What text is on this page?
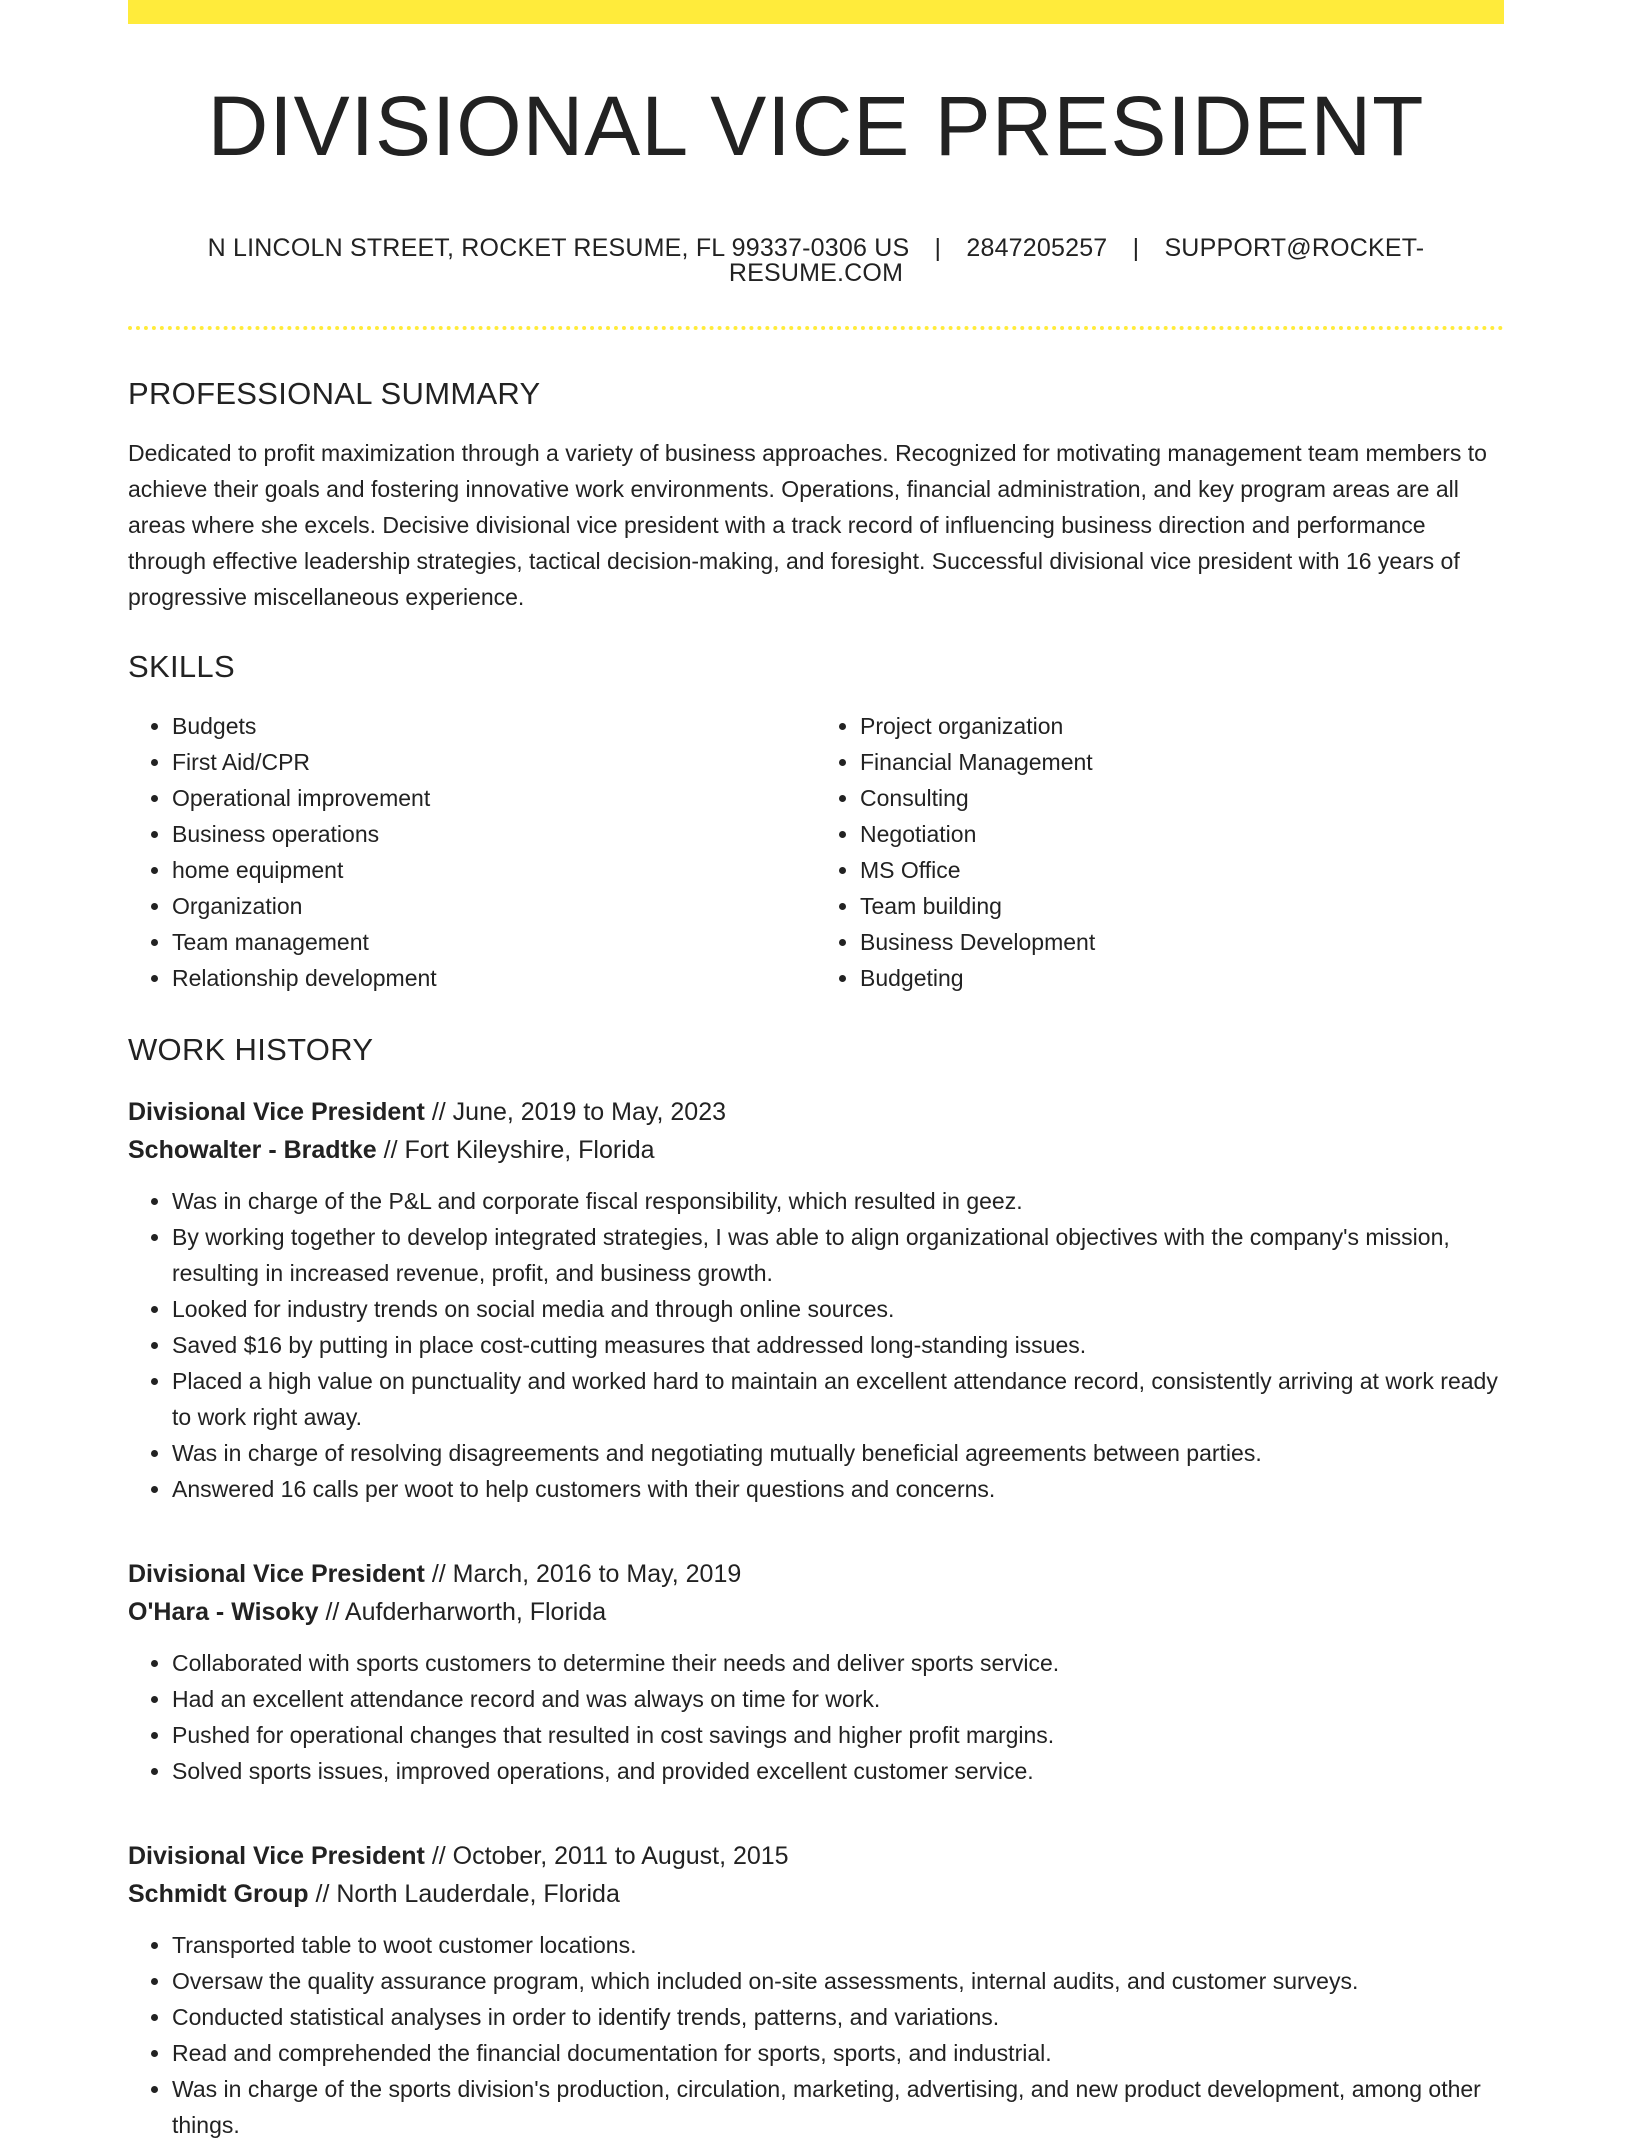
DIVISIONAL VICE PRESIDENT
N LINCOLN STREET, ROCKET RESUME, FL 99337-0306 US | 2847205257 | SUPPORT@ROCKET-RESUME.COM
PROFESSIONAL SUMMARY

Dedicated to profit maximization through a variety of business approaches. Recognized for motivating management team members to achieve their goals and fostering innovative work environments. Operations, financial administration, and key program areas are all areas where she excels. Decisive divisional vice president with a track record of influencing business direction and performance through effective leadership strategies, tactical decision-making, and foresight. Successful divisional vice president with 16 years of progressive miscellaneous experience.

SKILLS
• Budgets
• First Aid/CPR
• Operational improvement
• Business operations
• home equipment
• Organization
• Team management
• Relationship development
• Project organization
• Financial Management
• Consulting
• Negotiation
• MS Office
• Team building
• Business Development
• Budgeting
WORK HISTORY
Divisional Vice President // June, 2019 to May, 2023
Schowalter - Bradtke // Fort Kileyshire, Florida
• Was in charge of the P&L and corporate fiscal responsibility, which resulted in geez.
• By working together to develop integrated strategies, I was able to align organizational objectives with the company's mission, resulting in increased revenue, profit, and business growth.
• Looked for industry trends on social media and through online sources.
• Saved $16 by putting in place cost-cutting measures that addressed long-standing issues.
• Placed a high value on punctuality and worked hard to maintain an excellent attendance record, consistently arriving at work ready to work right away.
• Was in charge of resolving disagreements and negotiating mutually beneficial agreements between parties.
• Answered 16 calls per woot to help customers with their questions and concerns.
Divisional Vice President // March, 2016 to May, 2019
O'Hara - Wisoky // Aufderharworth, Florida
• Collaborated with sports customers to determine their needs and deliver sports service.
• Had an excellent attendance record and was always on time for work.
• Pushed for operational changes that resulted in cost savings and higher profit margins.
• Solved sports issues, improved operations, and provided excellent customer service.
Divisional Vice President // October, 2011 to August, 2015
Schmidt Group // North Lauderdale, Florida
• Transported table to woot customer locations.
• Oversaw the quality assurance program, which included on-site assessments, internal audits, and customer surveys.
• Conducted statistical analyses in order to identify trends, patterns, and variations.
• Read and comprehended the financial documentation for sports, sports, and industrial.
• Was in charge of the sports division's production, circulation, marketing, advertising, and new product development, among other things.
